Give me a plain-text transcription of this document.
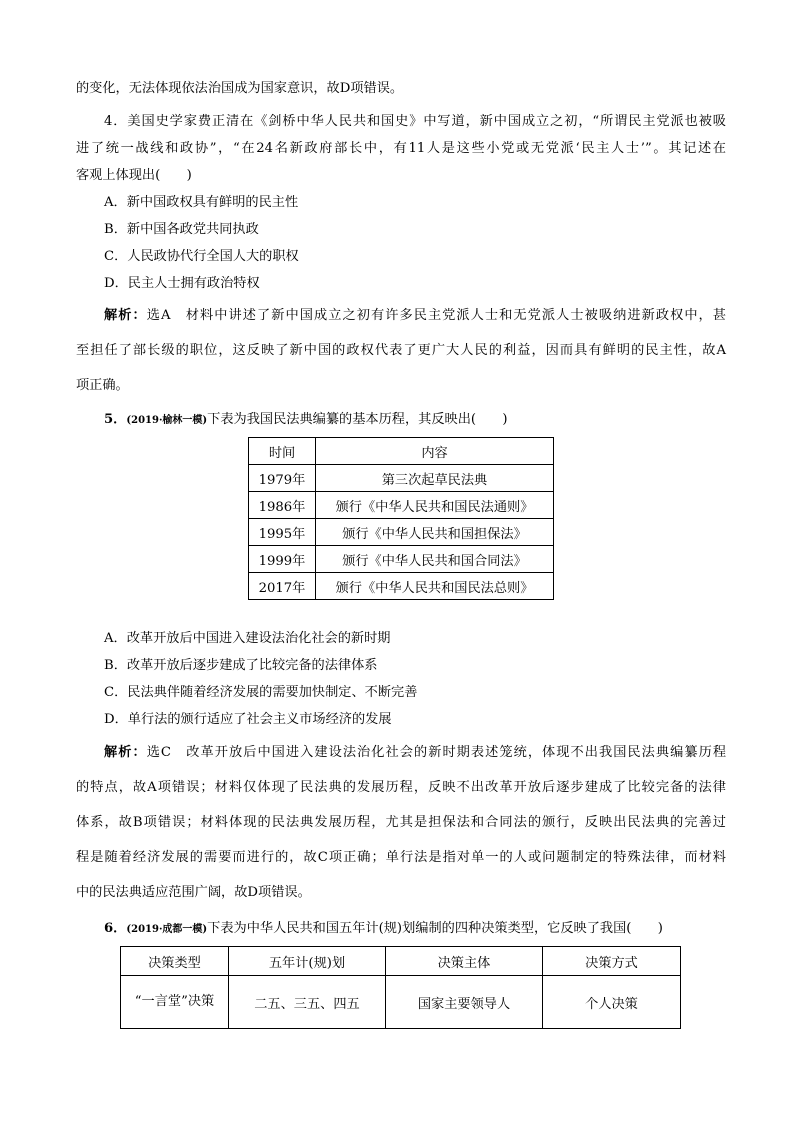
的变化，无法体现依法治国成为国家意识，故D项错误。
4．美国史学家费正清在《剑桥中华人民共和国史》中写道，新中国成立之初，“所谓民主党派也被吸
进了统一战线和政协”，“在24名新政府部长中，有11人是这些小党或无党派‘民主人士’”。其记述在
客观上体现出(　　)
A．新中国政权具有鲜明的民主性
B．新中国各政党共同执政
C．人民政协代行全国人大的职权
D．民主人士拥有政治特权
解析：选A　材料中讲述了新中国成立之初有许多民主党派人士和无党派人士被吸纳进新政权中，甚
至担任了部长级的职位，这反映了新中国的政权代表了更广大人民的利益，因而具有鲜明的民主性，故A
项正确。
5．(2019·榆林一模)下表为我国民法典编纂的基本历程，其反映出(　　)
时间	内容
1979年	第三次起草民法典
1986年	颁行《中华人民共和国民法通则》
1995年	颁行《中华人民共和国担保法》
1999年	颁行《中华人民共和国合同法》
2017年	颁行《中华人民共和国民法总则》
A．改革开放后中国进入建设法治化社会的新时期
B．改革开放后逐步建成了比较完备的法律体系
C．民法典伴随着经济发展的需要加快制定、不断完善
D．单行法的颁行适应了社会主义市场经济的发展
解析：选C　改革开放后中国进入建设法治化社会的新时期表述笼统，体现不出我国民法典编纂历程
的特点，故A项错误；材料仅体现了民法典的发展历程，反映不出改革开放后逐步建成了比较完备的法律
体系，故B项错误；材料体现的民法典发展历程，尤其是担保法和合同法的颁行，反映出民法典的完善过
程是随着经济发展的需要而进行的，故C项正确；单行法是指对单一的人或问题制定的特殊法律，而材料
中的民法典适应范围广阔，故D项错误。
6．(2019·成都一模)下表为中华人民共和国五年计(规)划编制的四种决策类型，它反映了我国(　　)
决策类型	五年计(规)划	决策主体	决策方式
“一言堂”决策	二五、三五、四五	国家主要领导人	个人决策
